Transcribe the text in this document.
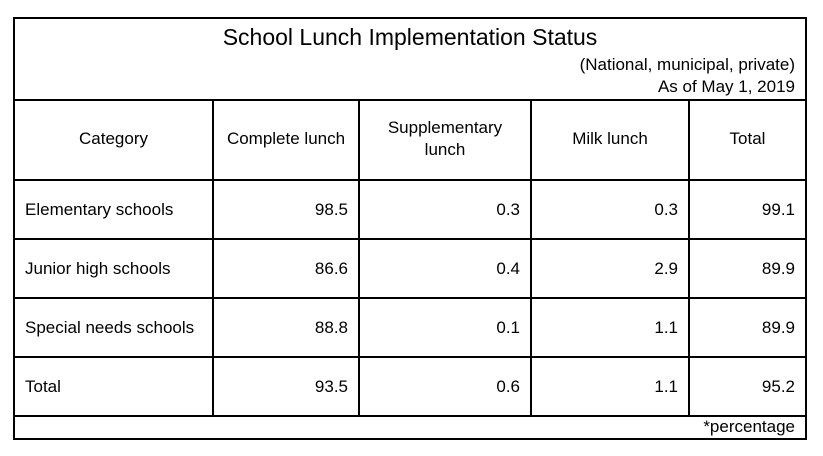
School Lunch Implementation Status
(National, municipal, private)
As of May 1, 2019
Category	Complete lunch	Supplementary lunch	Milk lunch	Total
Elementary schools	98.5	0.3	0.3	99.1
Junior high schools	86.6	0.4	2.9	89.9
Special needs schools	88.8	0.1	1.1	89.9
Total	93.5	0.6	1.1	95.2
*percentage
